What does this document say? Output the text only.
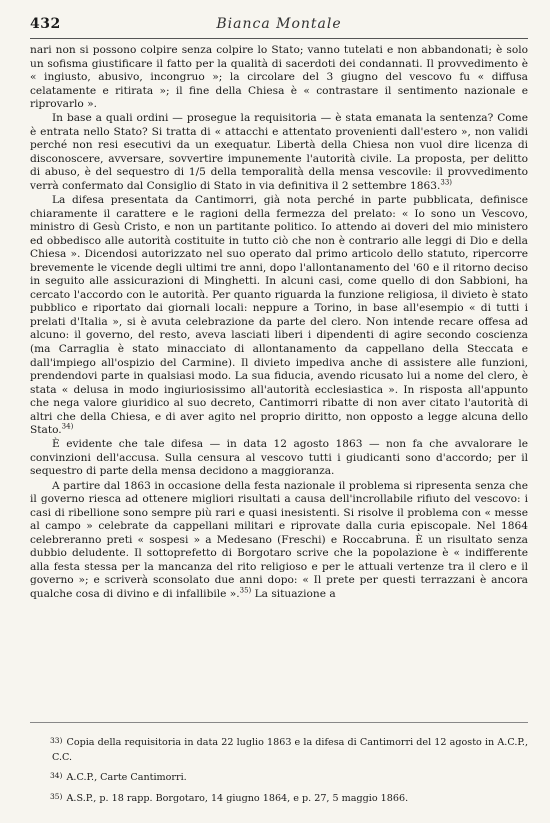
432	Bianca Montale

nari non si possono colpire senza colpire lo Stato; vanno tutelati e non abbandonati; è solo un sofisma giustificare il fatto per la qualità di sacerdoti dei condannati. Il provvedimento è « ingiusto, abusivo, incongruo »; la circolare del 3 giugno del vescovo fu « diffusa celatamente e ritirata »; il fine della Chiesa è « contrastare il sentimento nazionale e riprovarlo ».

In base a quali ordini — prosegue la requisitoria — è stata emanata la sentenza? Come è entrata nello Stato? Si tratta di « attacchi e attentato provenienti dall'estero », non validi perché non resi esecutivi da un exequatur. Libertà della Chiesa non vuol dire licenza di disconoscere, avversare, sovvertire impunemente l'autorità civile. La proposta, per delitto di abuso, è del sequestro di 1/5 della temporalità della mensa vescovile: il provvedimento verrà confermato dal Consiglio di Stato in via definitiva il 2 settembre 1863.$^{33)}$

La difesa presentata da Cantimorri, già nota perché in parte pubblicata, definisce chiaramente il carattere e le ragioni della fermezza del prelato: « Io sono un Vescovo, ministro di Gesù Cristo, e non un partitante politico. Io attendo ai doveri del mio ministero ed obbedisco alle autorità costituite in tutto ciò che non è contrario alle leggi di Dio e della Chiesa ». Dicendosi autorizzato nel suo operato dal primo articolo dello statuto, ripercorre brevemente le vicende degli ultimi tre anni, dopo l'allontanamento del '60 e il ritorno deciso in seguito alle assicurazioni di Minghetti. In alcuni casi, come quello di don Sabbioni, ha cercato l'accordo con le autorità. Per quanto riguarda la funzione religiosa, il divieto è stato pubblico e riportato dai giornali locali: neppure a Torino, in base all'esempio « di tutti i prelati d'Italia », si è avuta celebrazione da parte del clero. Non intende recare offesa ad alcuno: il governo, del resto, aveva lasciati liberi i dipendenti di agire secondo coscienza (ma Carraglia è stato minacciato di allontanamento da cappellano della Steccata e dall'impiego all'ospizio del Carmine). Il divieto impediva anche di assistere alle funzioni, prendendovi parte in qualsiasi modo. La sua fiducia, avendo ricusato lui a nome del clero, è stata « delusa in modo ingiuriosissimo all'autorità ecclesiastica ». In risposta all'appunto che nega valore giuridico al suo decreto, Cantimorri ribatte di non aver citato l'autorità di altri che della Chiesa, e di aver agito nel proprio diritto, non opposto a legge alcuna dello Stato.$^{34)}$

È evidente che tale difesa — in data 12 agosto 1863 — non fa che avvalorare le convinzioni dell'accusa. Sulla censura al vescovo tutti i giudicanti sono d'accordo; per il sequestro di parte della mensa decidono a maggioranza.

A partire dal 1863 in occasione della festa nazionale il problema si ripresenta senza che il governo riesca ad ottenere migliori risultati a causa dell'incrollabile rifiuto del vescovo: i casi di ribellione sono sempre più rari e quasi inesistenti. Si risolve il problema con « messe al campo » celebrate da cappellani militari e riprovate dalla curia episcopale. Nel 1864 celebreranno preti « sospesi » a Medesano (Freschi) e Roccabruna. È un risultato senza dubbio deludente. Il sottoprefetto di Borgotaro scrive che la popolazione è « indifferente alla festa stessa per la mancanza del rito religioso e per le attuali vertenze tra il clero e il governo »; e scriverà sconsolato due anni dopo: « Il prete per questi terrazzani è ancora qualche cosa di divino e di infallibile ».$^{35)}$ La situazione a

$^{33)}$ Copia della requisitoria in data 22 luglio 1863 e la difesa di Cantimorri del 12 agosto in A.C.P., C.C.

$^{34)}$ A.C.P., Carte Cantimorri.

$^{35)}$ A.S.P., p. 18 rapp. Borgotaro, 14 giugno 1864, e p. 27, 5 maggio 1866.
